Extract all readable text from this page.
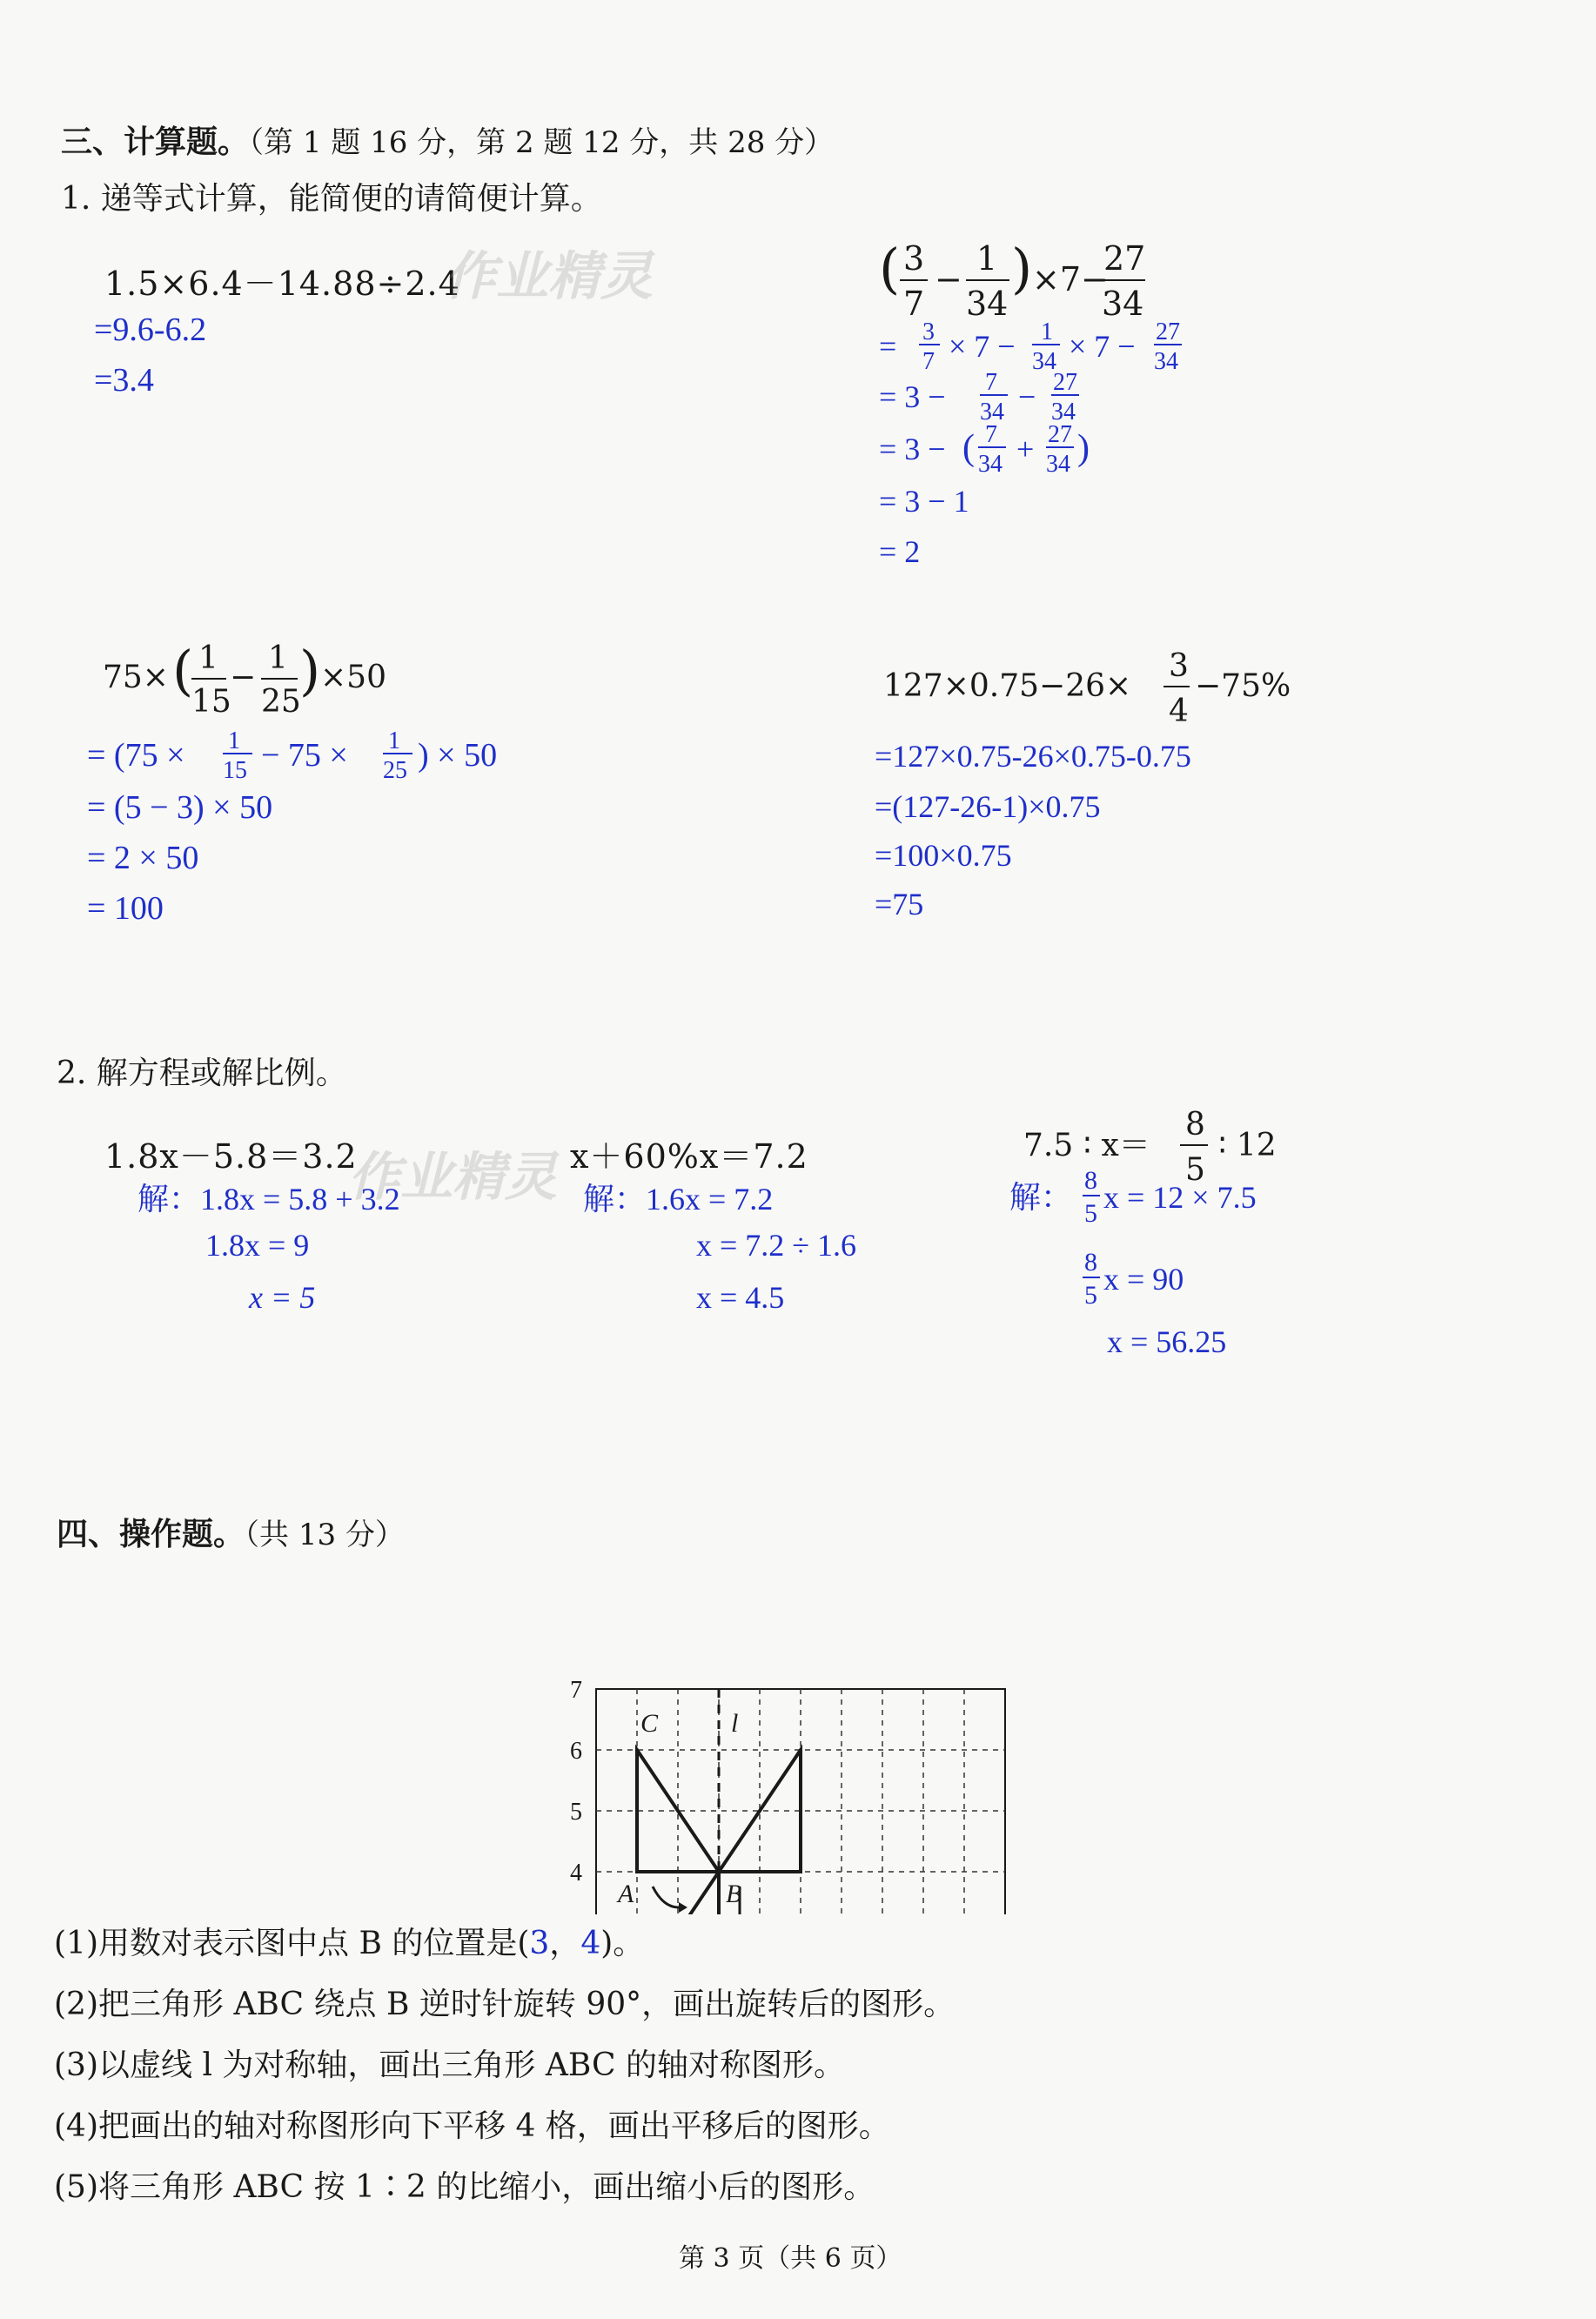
三、计算题。（第 1 题 16 分，第 2 题 12 分，共 28 分）
1. 递等式计算，能简便的请简便计算。
1.5×6.4－14.88÷2.4
=9.6-6.2
=3.4
作业精灵
作业精灵
( 3
7
−
1
34
) ×7−
27
34
= 3
7 × 7 − 1
34 × 7 − 27
34
= 3 − 7
34 − 27
34
= 3 − ( 7
34 + 27
34 )
= 3 − 1
= 2
75× ( 1
15
−
1
25
) ×50
= (75 × 1
15 − 75 × 1
25 ) × 50
= (5 − 3) × 50
= 2 × 50
= 100
127×0.75−26×
3
4
−75%
=127×0.75-26×0.75-0.75
=(127-26-1)×0.75
=100×0.75
=75
2. 解方程或解比例。
1.8x－5.8＝3.2
解：1.8x = 5.8 + 3.2
1.8x = 9
x = 5
x＋60%x＝7.2
解：1.6x = 7.2
x = 7.2 ÷ 1.6
x = 4.5
7.5 ∶ x＝
8
5
∶ 12
解： 8
5 x = 12 × 7.5
8
5 x = 90
x = 56.25
四、操作题。（共 13 分）
4
5
6
7
C	l
A	B
(1)用数对表示图中点 B 的位置是(3，4)。
(2)把三角形 ABC 绕点 B 逆时针旋转 90°，画出旋转后的图形。
(3)以虚线 l 为对称轴，画出三角形 ABC 的轴对称图形。
(4)把画出的轴对称图形向下平移 4 格，画出平移后的图形。
(5)将三角形 ABC 按 1∶2 的比缩小，画出缩小后的图形。
第 3 页（共 6 页）
